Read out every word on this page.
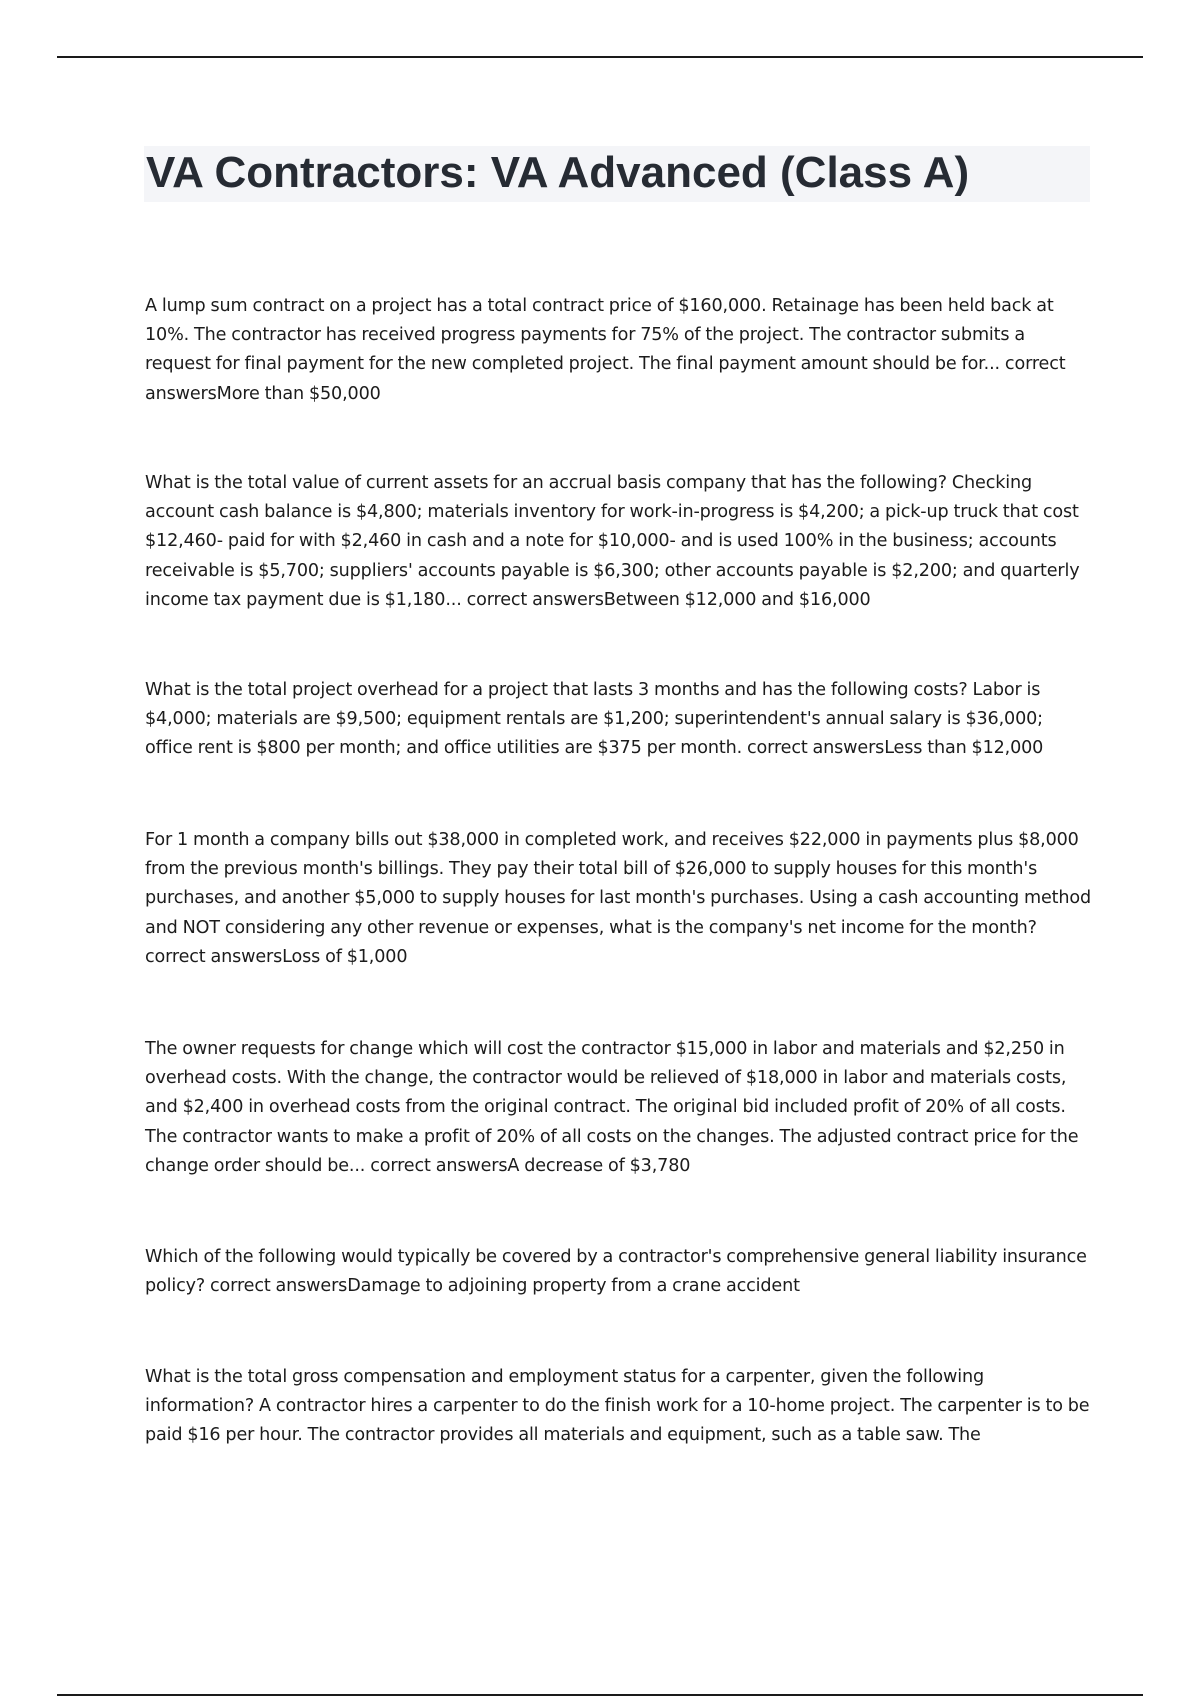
VA Contractors: VA Advanced (Class A)

A lump sum contract on a project has a total contract price of $160,000. Retainage has been held back at 10%. The contractor has received progress payments for 75% of the project. The contractor submits a request for final payment for the new completed project. The final payment amount should be for... correct answersMore than $50,000

What is the total value of current assets for an accrual basis company that has the following? Checking account cash balance is $4,800; materials inventory for work-in-progress is $4,200; a pick-up truck that cost $12,460- paid for with $2,460 in cash and a note for $10,000- and is used 100% in the business; accounts receivable is $5,700; suppliers' accounts payable is $6,300; other accounts payable is $2,200; and quarterly income tax payment due is $1,180... correct answersBetween $12,000 and $16,000

What is the total project overhead for a project that lasts 3 months and has the following costs? Labor is $4,000; materials are $9,500; equipment rentals are $1,200; superintendent's annual salary is $36,000; office rent is $800 per month; and office utilities are $375 per month. correct answersLess than $12,000

For 1 month a company bills out $38,000 in completed work, and receives $22,000 in payments plus $8,000 from the previous month's billings. They pay their total bill of $26,000 to supply houses for this month's purchases, and another $5,000 to supply houses for last month's purchases. Using a cash accounting method and NOT considering any other revenue or expenses, what is the company's net income for the month? correct answersLoss of $1,000

The owner requests for change which will cost the contractor $15,000 in labor and materials and $2,250 in overhead costs. With the change, the contractor would be relieved of $18,000 in labor and materials costs, and $2,400 in overhead costs from the original contract. The original bid included profit of 20% of all costs. The contractor wants to make a profit of 20% of all costs on the changes. The adjusted contract price for the change order should be... correct answersA decrease of $3,780

Which of the following would typically be covered by a contractor's comprehensive general liability insurance policy? correct answersDamage to adjoining property from a crane accident

What is the total gross compensation and employment status for a carpenter, given the following information? A contractor hires a carpenter to do the finish work for a 10-home project. The carpenter is to be paid $16 per hour. The contractor provides all materials and equipment, such as a table saw. The
